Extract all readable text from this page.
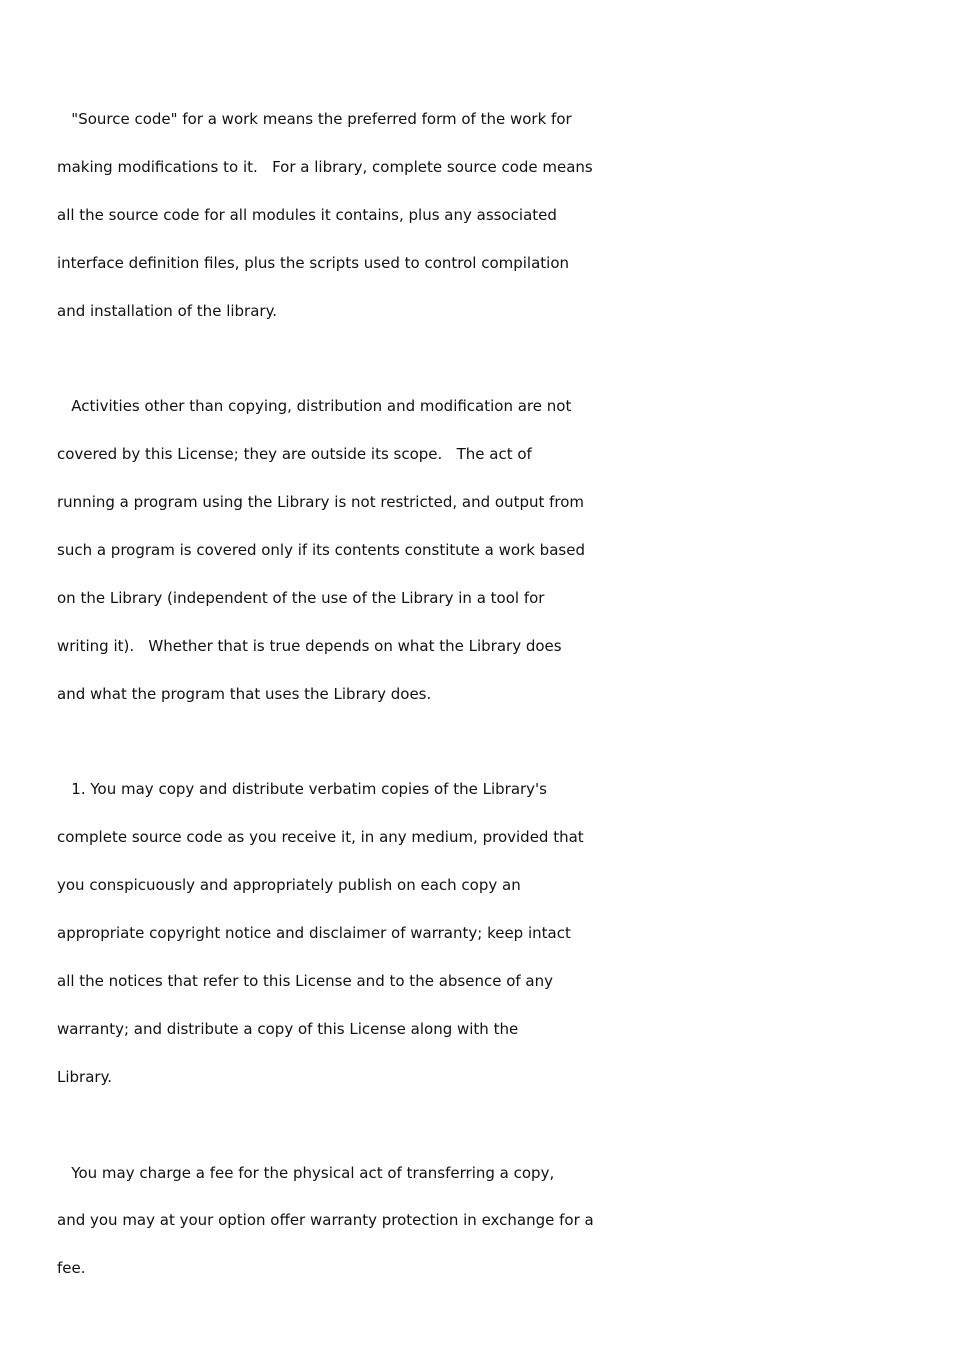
"Source code" for a work means the preferred form of the work for
making modifications to it.   For a library, complete source code means
all the source code for all modules it contains, plus any associated
interface definition files, plus the scripts used to control compilation
and installation of the library.
Activities other than copying, distribution and modification are not
covered by this License; they are outside its scope.   The act of
running a program using the Library is not restricted, and output from
such a program is covered only if its contents constitute a work based
on the Library (independent of the use of the Library in a tool for
writing it).   Whether that is true depends on what the Library does
and what the program that uses the Library does.
1. You may copy and distribute verbatim copies of the Library's
complete source code as you receive it, in any medium, provided that
you conspicuously and appropriately publish on each copy an
appropriate copyright notice and disclaimer of warranty; keep intact
all the notices that refer to this License and to the absence of any
warranty; and distribute a copy of this License along with the
Library.
You may charge a fee for the physical act of transferring a copy,
and you may at your option offer warranty protection in exchange for a
fee.
